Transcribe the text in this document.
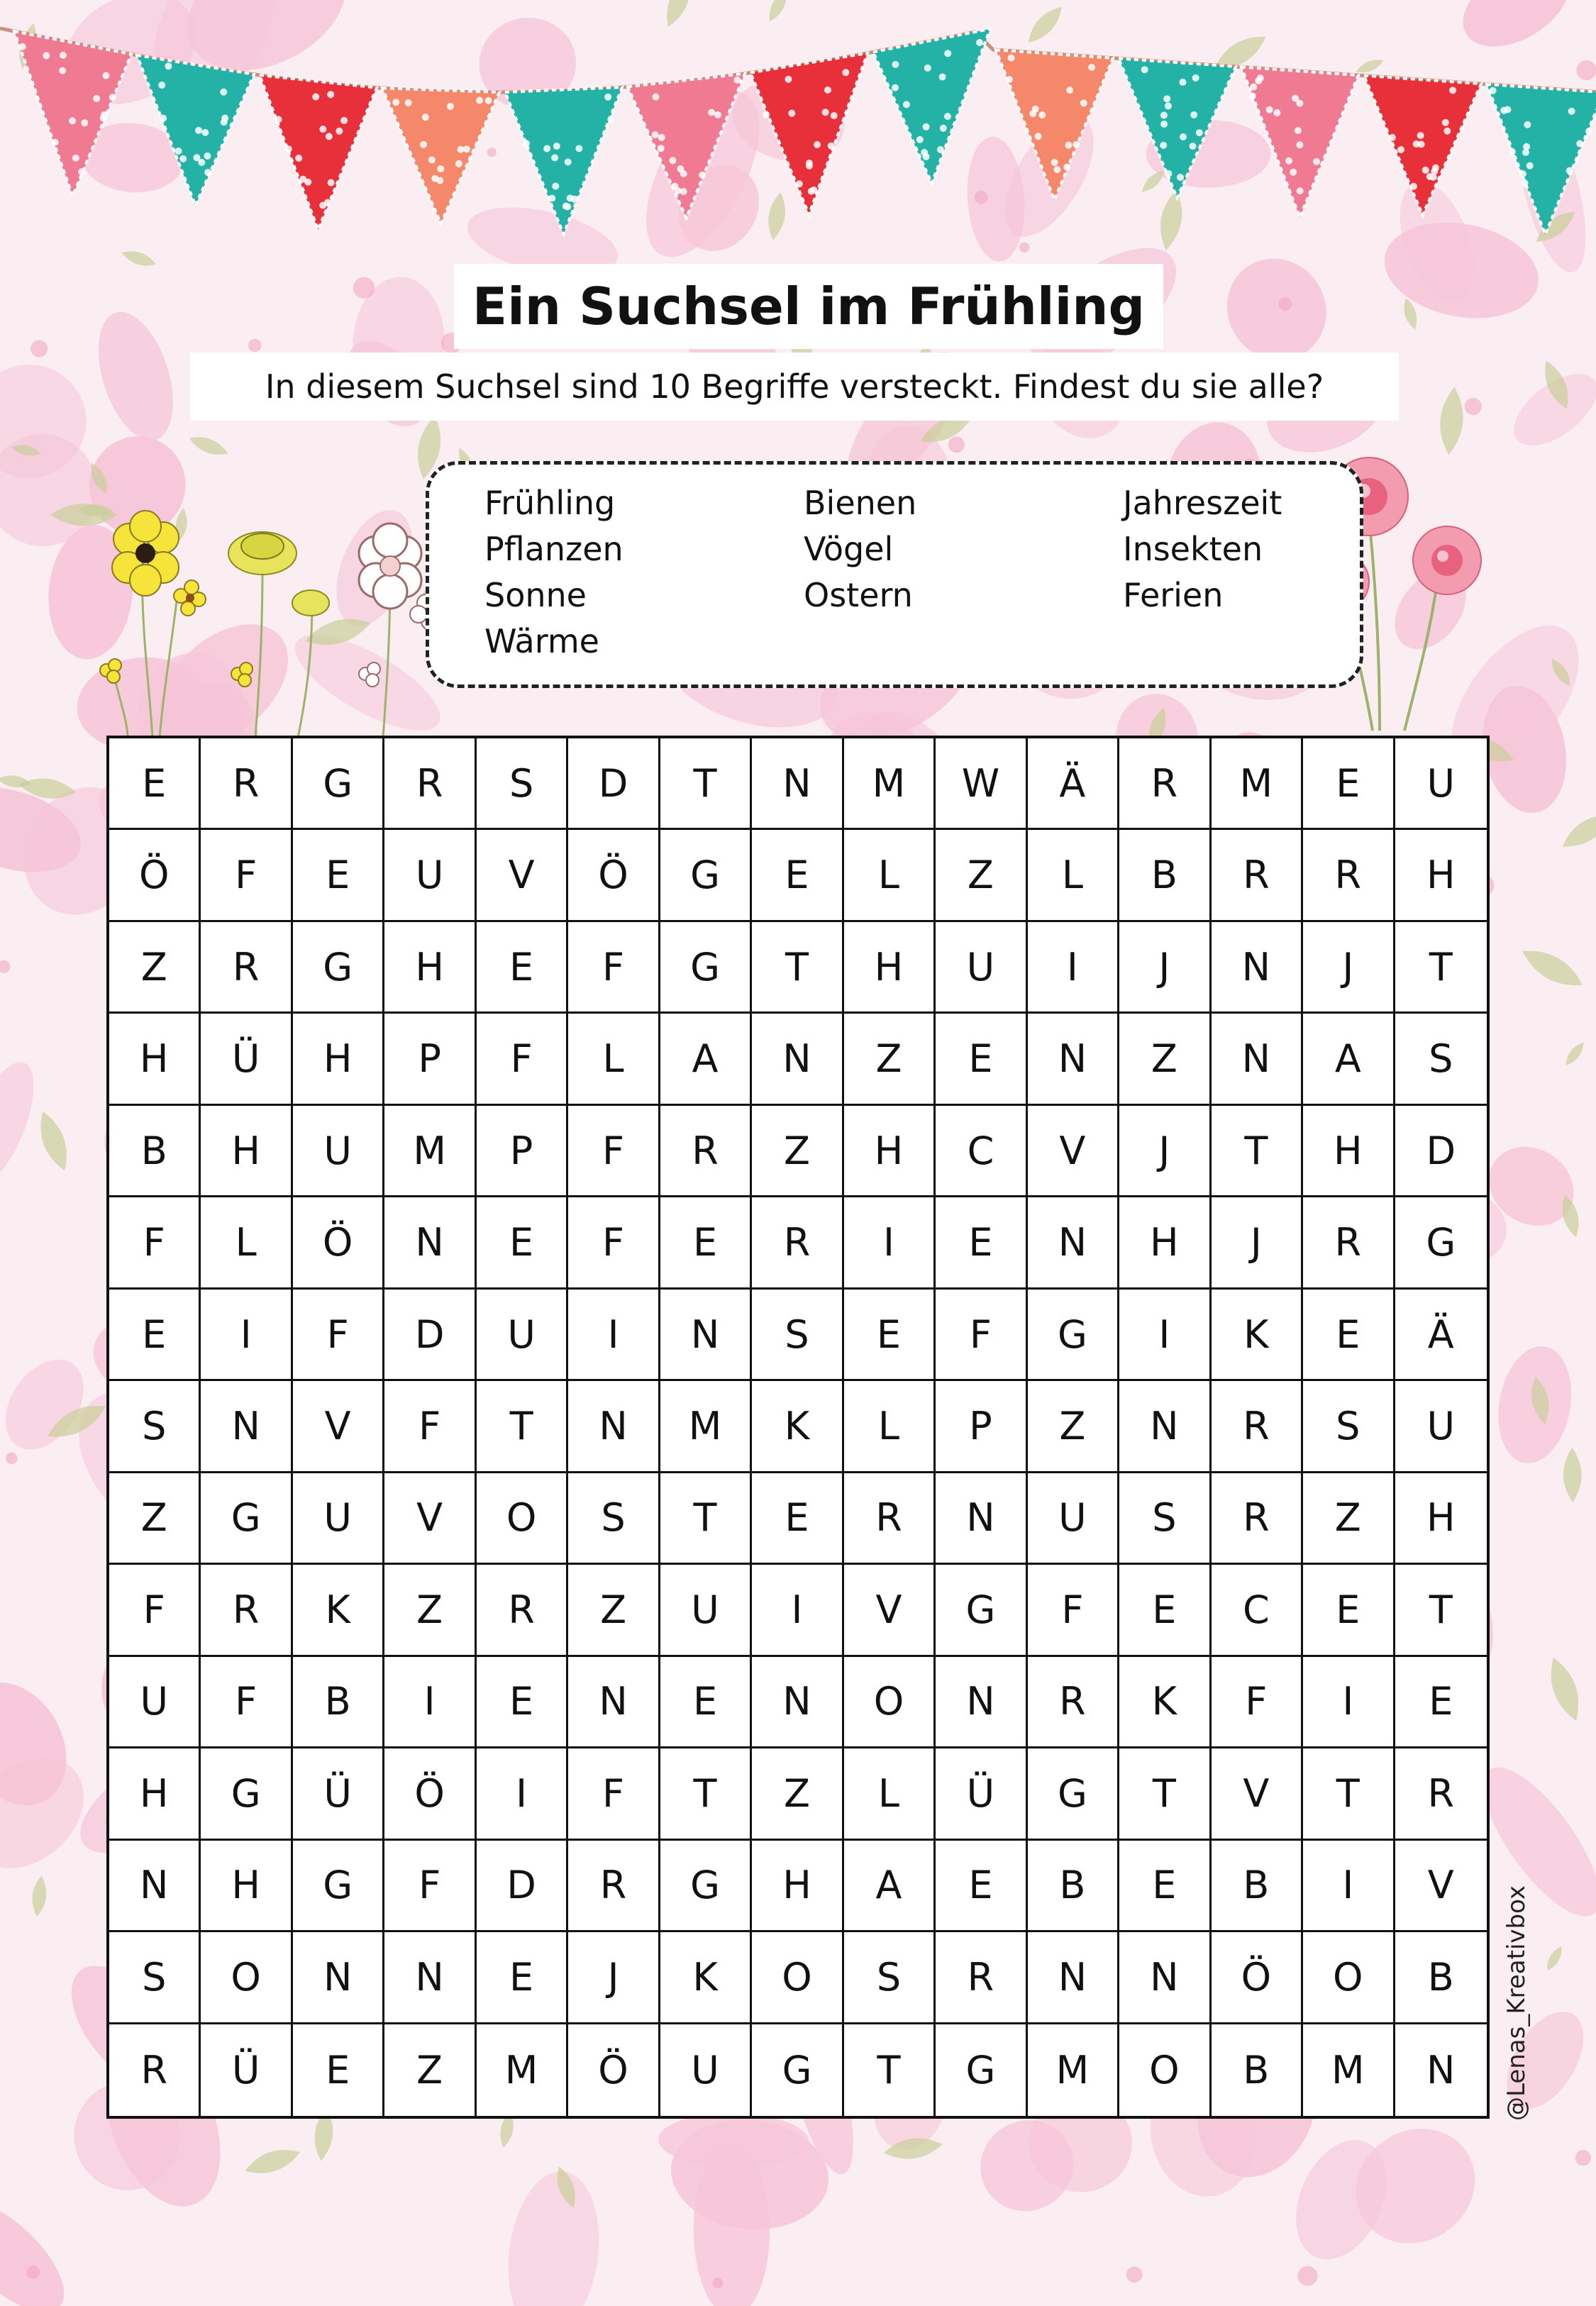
Ein Suchsel im Frühling
In diesem Suchsel sind 10 Begriffe versteckt. Findest du sie alle?
Frühling
Pflanzen
Sonne
Wärme
Bienen
Vögel
Ostern
Jahreszeit
Insekten
Ferien
E	R	G	R	S	D	T	N	M	W	Ä	R	M	E	U
Ö	F	E	U	V	Ö	G	E	L	Z	L	B	R	R	H
Z	R	G	H	E	F	G	T	H	U	I	J	N	J	T
H	Ü	H	P	F	L	A	N	Z	E	N	Z	N	A	S
B	H	U	M	P	F	R	Z	H	C	V	J	T	H	D
F	L	Ö	N	E	F	E	R	I	E	N	H	J	R	G
E	I	F	D	U	I	N	S	E	F	G	I	K	E	Ä
S	N	V	F	T	N	M	K	L	P	Z	N	R	S	U
Z	G	U	V	O	S	T	E	R	N	U	S	R	Z	H
F	R	K	Z	R	Z	U	I	V	G	F	E	C	E	T
U	F	B	I	E	N	E	N	O	N	R	K	F	I	E
H	G	Ü	Ö	I	F	T	Z	L	Ü	G	T	V	T	R
N	H	G	F	D	R	G	H	A	E	B	E	B	I	V
S	O	N	N	E	J	K	O	S	R	N	N	Ö	O	B
R	Ü	E	Z	M	Ö	U	G	T	G	M	O	B	M	N	@Lenas_Kreativbox
